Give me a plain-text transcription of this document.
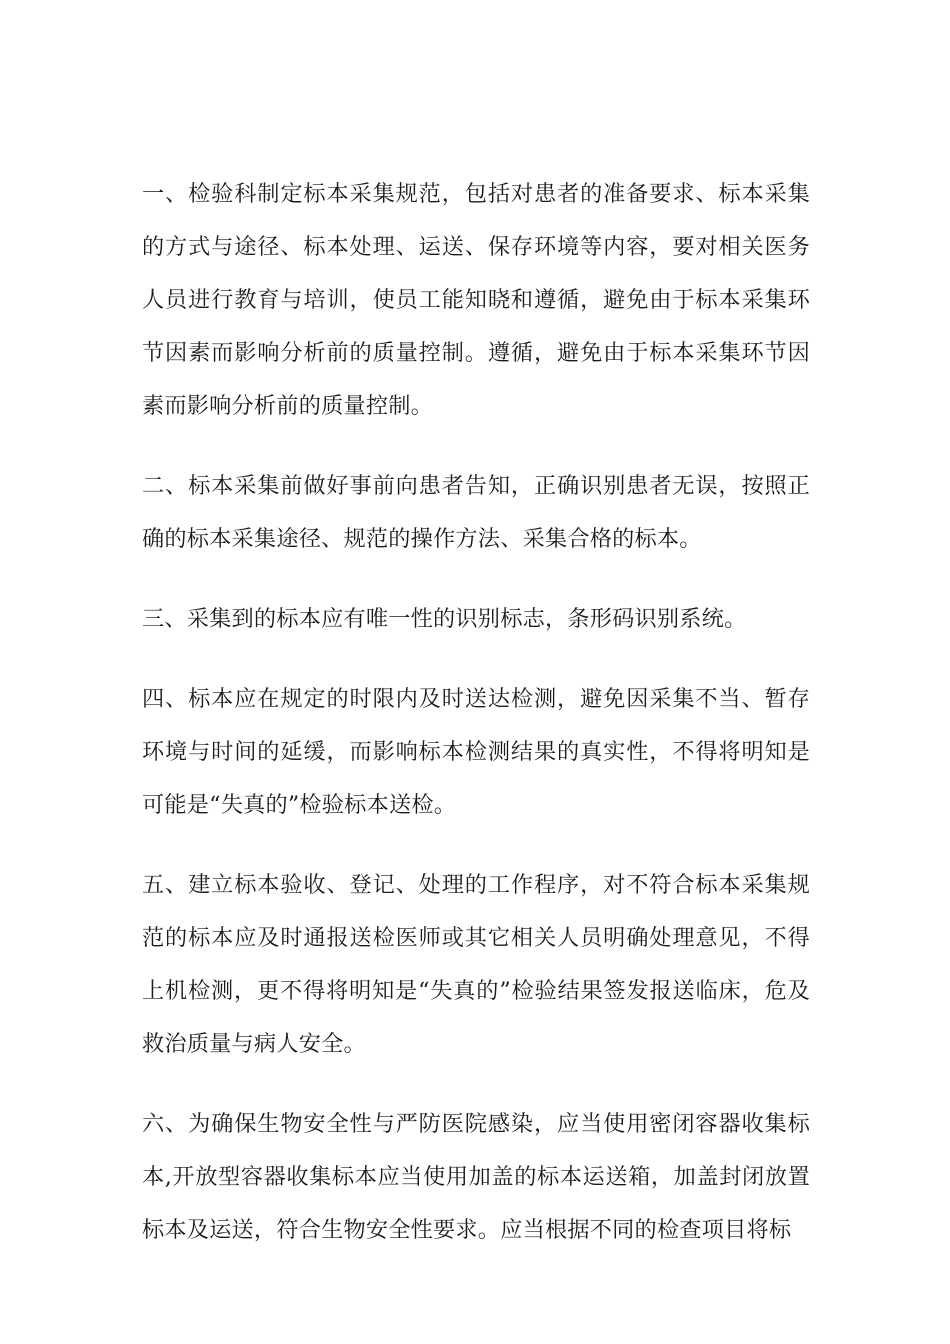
一、检验科制定标本采集规范，包括对患者的准备要求、标本采集的方式与途径、标本处理、运送、保存环境等内容，要对相关医务人员进行教育与培训，使员工能知晓和遵循，避免由于标本采集环节因素而影响分析前的质量控制。遵循，避免由于标本采集环节因素而影响分析前的质量控制。

二、标本采集前做好事前向患者告知，正确识别患者无误，按照正确的标本采集途径、规范的操作方法、采集合格的标本。

三、采集到的标本应有唯一性的识别标志，条形码识别系统。

四、标本应在规定的时限内及时送达检测，避免因采集不当、暂存环境与时间的延缓，而影响标本检测结果的真实性，不得将明知是可能是“失真的”检验标本送检。

五、建立标本验收、登记、处理的工作程序，对不符合标本采集规范的标本应及时通报送检医师或其它相关人员明确处理意见，不得上机检测，更不得将明知是“失真的”检验结果签发报送临床，危及救治质量与病人安全。

六、为确保生物安全性与严防医院感染，应当使用密闭容器收集标本,开放型容器收集标本应当使用加盖的标本运送箱，加盖封闭放置标本及运送，符合生物安全性要求。应当根据不同的检查项目将标
